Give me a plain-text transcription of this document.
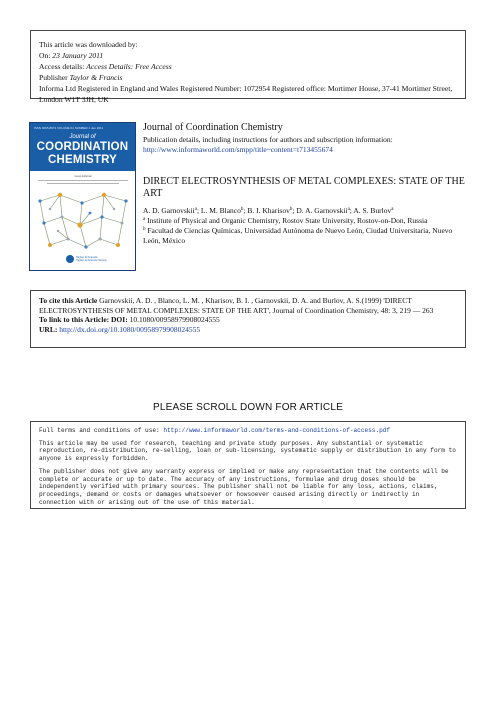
This article was downloaded by:
On: 23 January 2011
Access details: Access Details: Free Access
Publisher Taylor & Francis
Informa Ltd Registered in England and Wales Registered Number: 1072954 Registered office: Mortimer House, 37-41 Mortimer Street, London W1T 3JH, UK
ISSN 0095-8972 VOLUME 64 NUMBER 1 Jan 2011
Journal of
COORDINATION
CHEMISTRY
Guest Editorial
Taylor & Francis
Taylor & Francis Group
Journal of Coordination Chemistry
Publication details, including instructions for authors and subscription information:
http://www.informaworld.com/smpp/title~content=t713455674
DIRECT ELECTROSYNTHESIS OF METAL COMPLEXES: STATE OF THE ART
A. D. Garnovskii$^a$; L. M. Blanco$^b$; B. I. Kharisov$^b$; D. A. Garnovskii$^a$; A. S. Burlov$^a$
$^a$ Institute of Physical and Organic Chemistry, Rostov State University, Rostov-on-Don, Russia
$^b$ Facultad de Ciencias Químicas, Universidad Autónoma de Nuevo León, Ciudad Universitaria, Nuevo León, México
To cite this Article Garnovskii, A. D. , Blanco, L. M. , Kharisov, B. I. , Garnovskii, D. A. and Burlov, A. S.(1999) 'DIRECT ELECTROSYNTHESIS OF METAL COMPLEXES: STATE OF THE ART', Journal of Coordination Chemistry, 48: 3, 219 — 263
To link to this Article: DOI: 10.1080/00958979908024555
URL: http://dx.doi.org/10.1080/00958979908024555
PLEASE SCROLL DOWN FOR ARTICLE

Full terms and conditions of use: http://www.informaworld.com/terms-and-conditions-of-access.pdf

This article may be used for research, teaching and private study purposes. Any substantial or systematic reproduction, re-distribution, re-selling, loan or sub-licensing, systematic supply or distribution in any form to anyone is expressly forbidden.

The publisher does not give any warranty express or implied or make any representation that the contents will be complete or accurate or up to date. The accuracy of any instructions, formulae and drug doses should be independently verified with primary sources. The publisher shall not be liable for any loss, actions, claims, proceedings, demand or costs or damages whatsoever or howsoever caused arising directly or indirectly in connection with or arising out of the use of this material.
